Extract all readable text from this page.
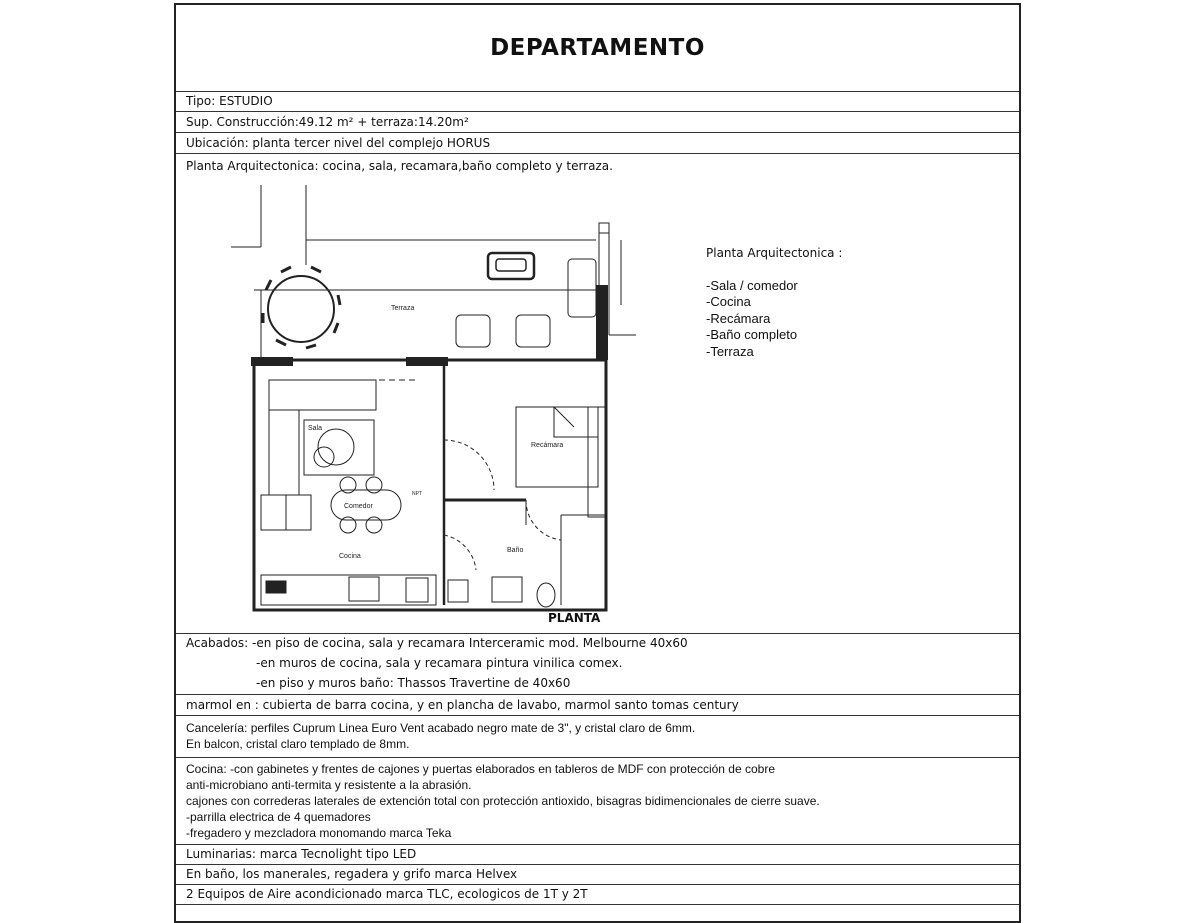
DEPARTAMENTO
Tipo: ESTUDIO
Sup. Construcción:49.12 m² + terraza:14.20m²
Ubicación: planta tercer nivel del complejo HORUS
Planta Arquitectonica: cocina, sala, recamara,baño completo y terraza.
Terraza
Sala
Recámara
Comedor
Cocina
Baño
NPT
PLANTA
Planta Arquitectonica :
-Sala / comedor
-Cocina
-Recámara
-Baño completo
-Terraza
Acabados: -en piso de cocina, sala y recamara Interceramic mod. Melbourne 40x60
-en muros de cocina, sala y recamara pintura vinilica comex.
-en piso y muros baño: Thassos Travertine de 40x60
marmol en : cubierta de barra cocina, y en plancha de lavabo, marmol santo tomas century
Cancelería: perfiles Cuprum Linea Euro Vent acabado negro mate de 3", y cristal claro de 6mm.
En balcon, cristal claro templado de 8mm.
Cocina: -con gabinetes y frentes de cajones y puertas elaborados en tableros de MDF con protección de cobre
anti-microbiano anti-termita y resistente a la abrasión.
cajones con correderas laterales de extención total con protección antioxido, bisagras bidimencionales de cierre suave.
-parrilla electrica de 4 quemadores
-fregadero y mezcladora monomando marca Teka
Luminarias: marca Tecnolight tipo LED
En baño, los manerales, regadera y grifo marca Helvex
2 Equipos de Aire acondicionado marca TLC, ecologicos de 1T y 2T
